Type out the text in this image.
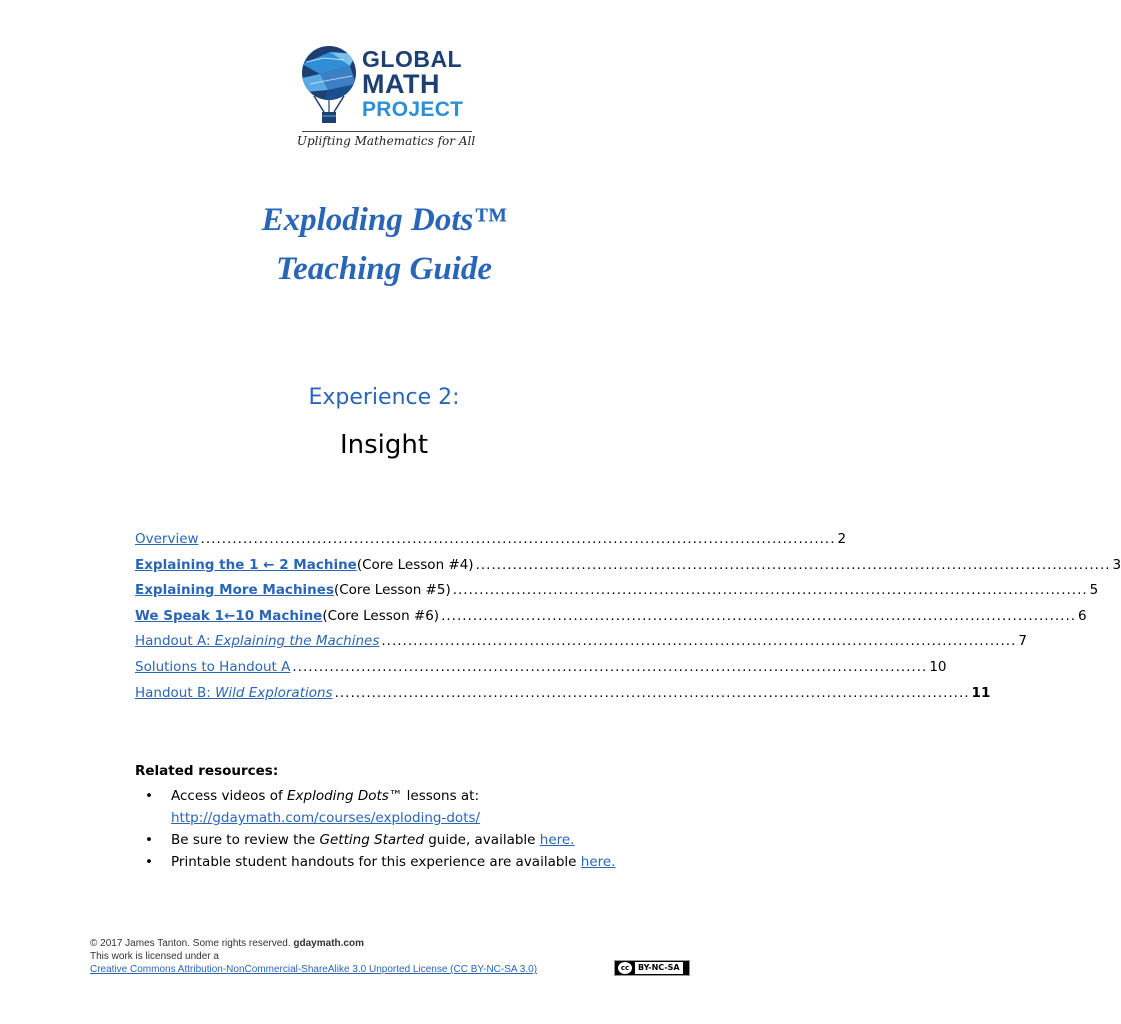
GLOBAL
MATH
PROJECT
Uplifting Mathematics for All
Exploding Dots™
Teaching Guide
Experience 2:
Insight
Overview ........................................................................................................................ 2
Explaining the 1 ← 2 Machine (Core Lesson #4) ........................................................................................................................ 3
Explaining More Machines (Core Lesson #5) ........................................................................................................................ 5
We Speak 1←10 Machine (Core Lesson #6) ........................................................................................................................ 6
Handout A: Explaining the Machines ........................................................................................................................ 7
Solutions to Handout A ........................................................................................................................ 10
Handout B: Wild Explorations ........................................................................................................................ 11
Related resources:
• Access videos of Exploding Dots™ lessons at:
http://gdaymath.com/courses/exploding-dots/
• Be sure to review the Getting Started guide, available here.
• Printable student handouts for this experience are available here.
© 2017 James Tanton. Some rights reserved. gdaymath.com
This work is licensed under a
Creative Commons Attribution-NonCommercial-ShareAlike 3.0 Unported License (CC BY-NC-SA 3.0)	cc	BY-NC-SA
